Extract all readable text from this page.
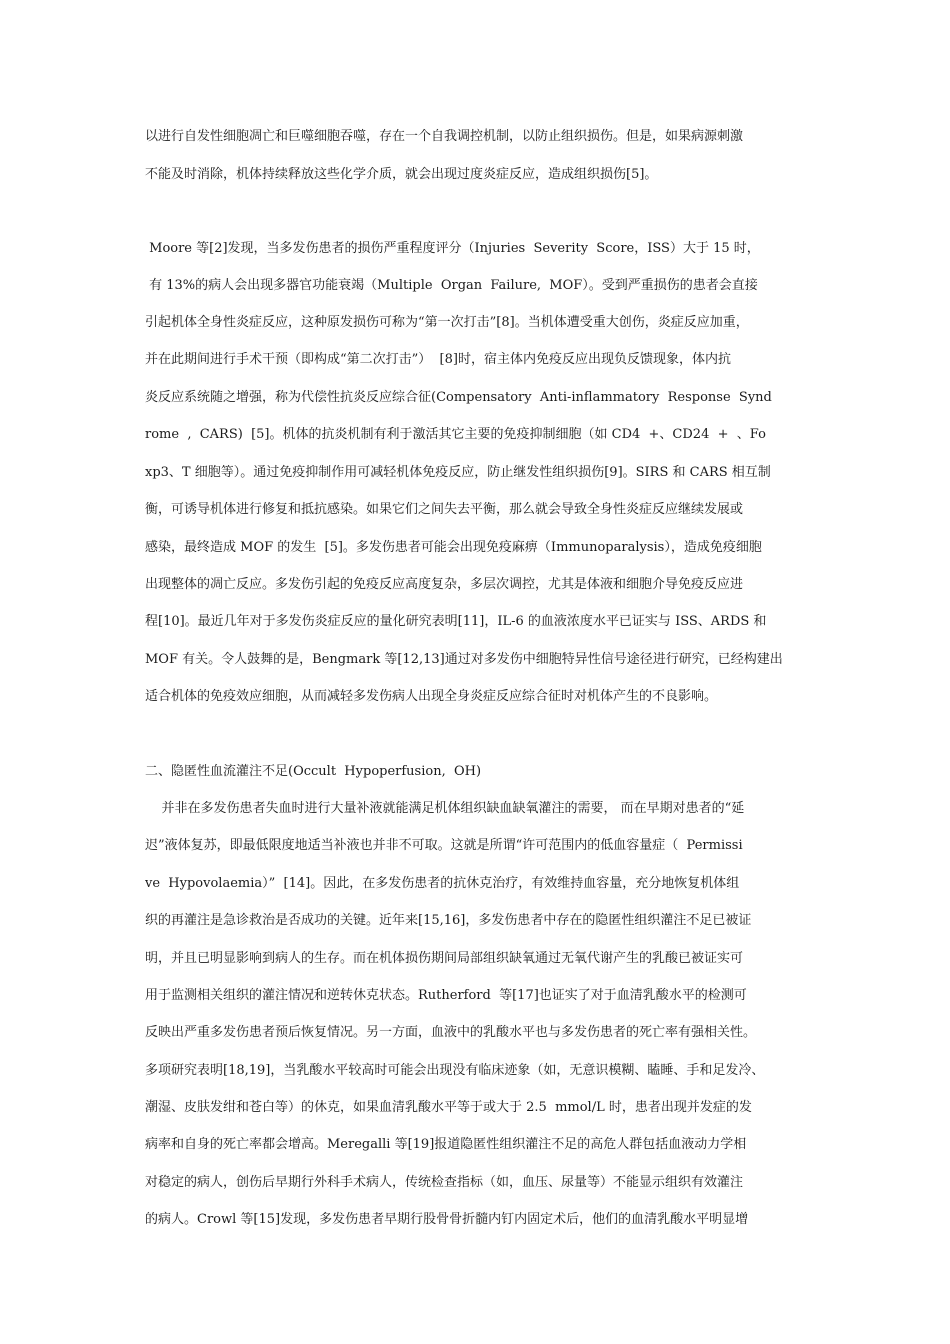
以进行自发性细胞凋亡和巨噬细胞吞噬，存在一个自我调控机制，以防止组织损伤。但是，如果病源刺激
不能及时消除，机体持续释放这些化学介质，就会出现过度炎症反应，造成组织损伤[5]。
Moore 等[2]发现，当多发伤患者的损伤严重程度评分（Injuries  Severity  Score，ISS）大于 15 时，
有 13%的病人会出现多器官功能衰竭（Multiple  Organ  Failure,  MOF）。受到严重损伤的患者会直接
引起机体全身性炎症反应，这种原发损伤可称为“第一次打击”[8]。当机体遭受重大创伤，炎症反应加重，
并在此期间进行手术干预（即构成“第二次打击”）  [8]时，宿主体内免疫反应出现负反馈现象，体内抗
炎反应系统随之增强，称为代偿性抗炎反应综合征(Compensatory  Anti-inflammatory  Response  Synd
rome  ,  CARS)  [5]。机体的抗炎机制有利于激活其它主要的免疫抑制细胞（如 CD4  +、CD24  +  、Fo
xp3、T 细胞等）。通过免疫抑制作用可减轻机体免疫反应，防止继发性组织损伤[9]。SIRS 和 CARS 相互制
衡，可诱导机体进行修复和抵抗感染。如果它们之间失去平衡，那么就会导致全身性炎症反应继续发展或
感染，最终造成 MOF 的发生  [5]。多发伤患者可能会出现免疫麻痹（Immunoparalysis），造成免疫细胞
出现整体的凋亡反应。多发伤引起的免疫反应高度复杂，多层次调控，尤其是体液和细胞介导免疫反应进
程[10]。最近几年对于多发伤炎症反应的量化研究表明[11]，IL-6 的血液浓度水平已证实与 ISS、ARDS 和
MOF 有关。令人鼓舞的是，Bengmark 等[12,13]通过对多发伤中细胞特异性信号途径进行研究，已经构建出
适合机体的免疫效应细胞，从而减轻多发伤病人出现全身炎症反应综合征时对机体产生的不良影响。
二、隐匿性血流灌注不足(Occult  Hypoperfusion,  OH)
并非在多发伤患者失血时进行大量补液就能满足机体组织缺血缺氧灌注的需要， 而在早期对患者的“延
迟”液体复苏，即最低限度地适当补液也并非不可取。这就是所谓“许可范围内的低血容量症（  Permissi
ve  Hypovolaemia）”  [14]。因此，在多发伤患者的抗休克治疗，有效维持血容量，充分地恢复机体组
织的再灌注是急诊救治是否成功的关键。近年来[15,16]，多发伤患者中存在的隐匿性组织灌注不足已被证
明，并且已明显影响到病人的生存。而在机体损伤期间局部组织缺氧通过无氧代谢产生的乳酸已被证实可
用于监测相关组织的灌注情况和逆转休克状态。Rutherford  等[17]也证实了对于血清乳酸水平的检测可
反映出严重多发伤患者预后恢复情况。另一方面，血液中的乳酸水平也与多发伤患者的死亡率有强相关性。
多项研究表明[18,19]，当乳酸水平较高时可能会出现没有临床迹象（如，无意识模糊、瞌睡、手和足发冷、
潮湿、皮肤发绀和苍白等）的休克，如果血清乳酸水平等于或大于 2.5  mmol/L 时，患者出现并发症的发
病率和自身的死亡率都会增高。Meregalli 等[19]报道隐匿性组织灌注不足的高危人群包括血液动力学相
对稳定的病人，创伤后早期行外科手术病人，传统检查指标（如，血压、尿量等）不能显示组织有效灌注
的病人。Crowl 等[15]发现，多发伤患者早期行股骨骨折髓内钉内固定术后，他们的血清乳酸水平明显增
